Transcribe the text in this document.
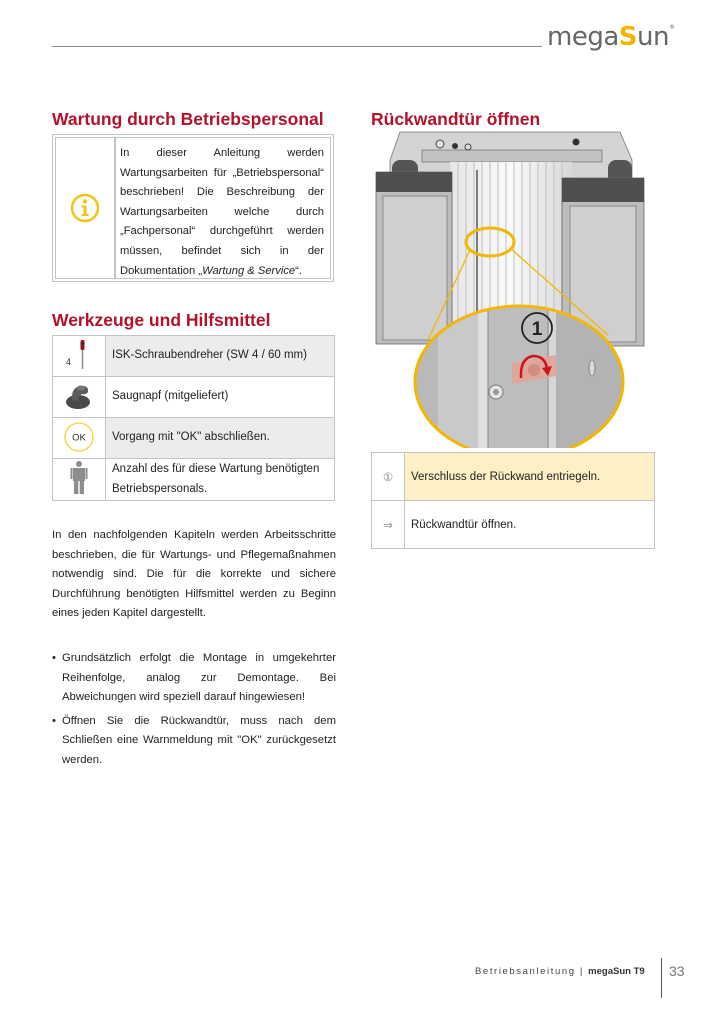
megaSun®
Wartung durch Betriebspersonal
In dieser Anleitung werden Wartungsarbeiten für „Betriebspersonal“ beschrieben! Die Beschreibung der Wartungsarbeiten welche durch „Fachpersonal“ durchgeführt werden müssen, befindet sich in der Dokumentation „Wartung & Service“.
Werkzeuge und Hilfsmittel
4	ISK-Schraubendreher (SW 4 / 60 mm)
	Saugnapf (mitgeliefert)

OK	Vorgang mit "OK" abschließen.
	Anzahl des für diese Wartung benötigten Betriebspersonals.
In den nachfolgenden Kapiteln werden Arbeitsschritte beschrieben, die für Wartungs- und Pflegemaßnahmen notwendig sind. Die für die korrekte und sichere Durchführung benötigten Hilfsmittel werden zu Beginn eines jeden Kapitel dargestellt.
• Grundsätzlich erfolgt die Montage in umgekehrter Reihenfolge, analog zur Demontage. Bei Abweichungen wird speziell darauf hingewiesen!
• Öffnen Sie die Rückwandtür, muss nach dem Schließen eine Warnmeldung mit "OK" zurückgesetzt werden.
Rückwandtür öffnen
1
①	Verschluss der Rückwand entriegeln.
⇒	Rückwandtür öffnen.
Betriebsanleitung | megaSun T9 33
